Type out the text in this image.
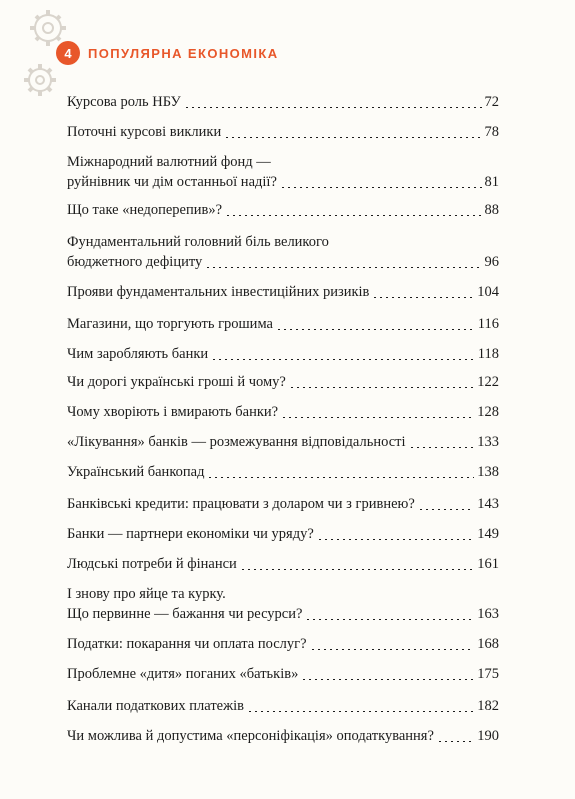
4	ПОПУЛЯРНА ЕКОНОМІКА
Курсова роль НБУ	72
Поточні курсові виклики	78
Міжнародний валютний фонд —
руйнівник чи дім останньої надії?	81
Що таке «недоперепив»?	88
Фундаментальний головний біль великого
бюджетного дефіциту	96
Прояви фундаментальних інвестиційних ризиків	104
Магазини, що торгують грошима	116
Чим заробляють банки	118
Чи дорогі українські гроші й чому?	122
Чому хворіють і вмирають банки?	128
«Лікування» банків — розмежування відповідальності	133
Український банкопад	138
Банківські кредити: працювати з доларом чи з гривнею?	143
Банки — партнери економіки чи уряду?	149
Людські потреби й фінанси	161
І знову про яйце та курку.
Що первинне — бажання чи ресурси?	163
Податки: покарання чи оплата послуг?	168
Проблемне «дитя» поганих «батьків»	175
Канали податкових платежів	182
Чи можлива й допустима «персоніфікація» оподаткування?	190
